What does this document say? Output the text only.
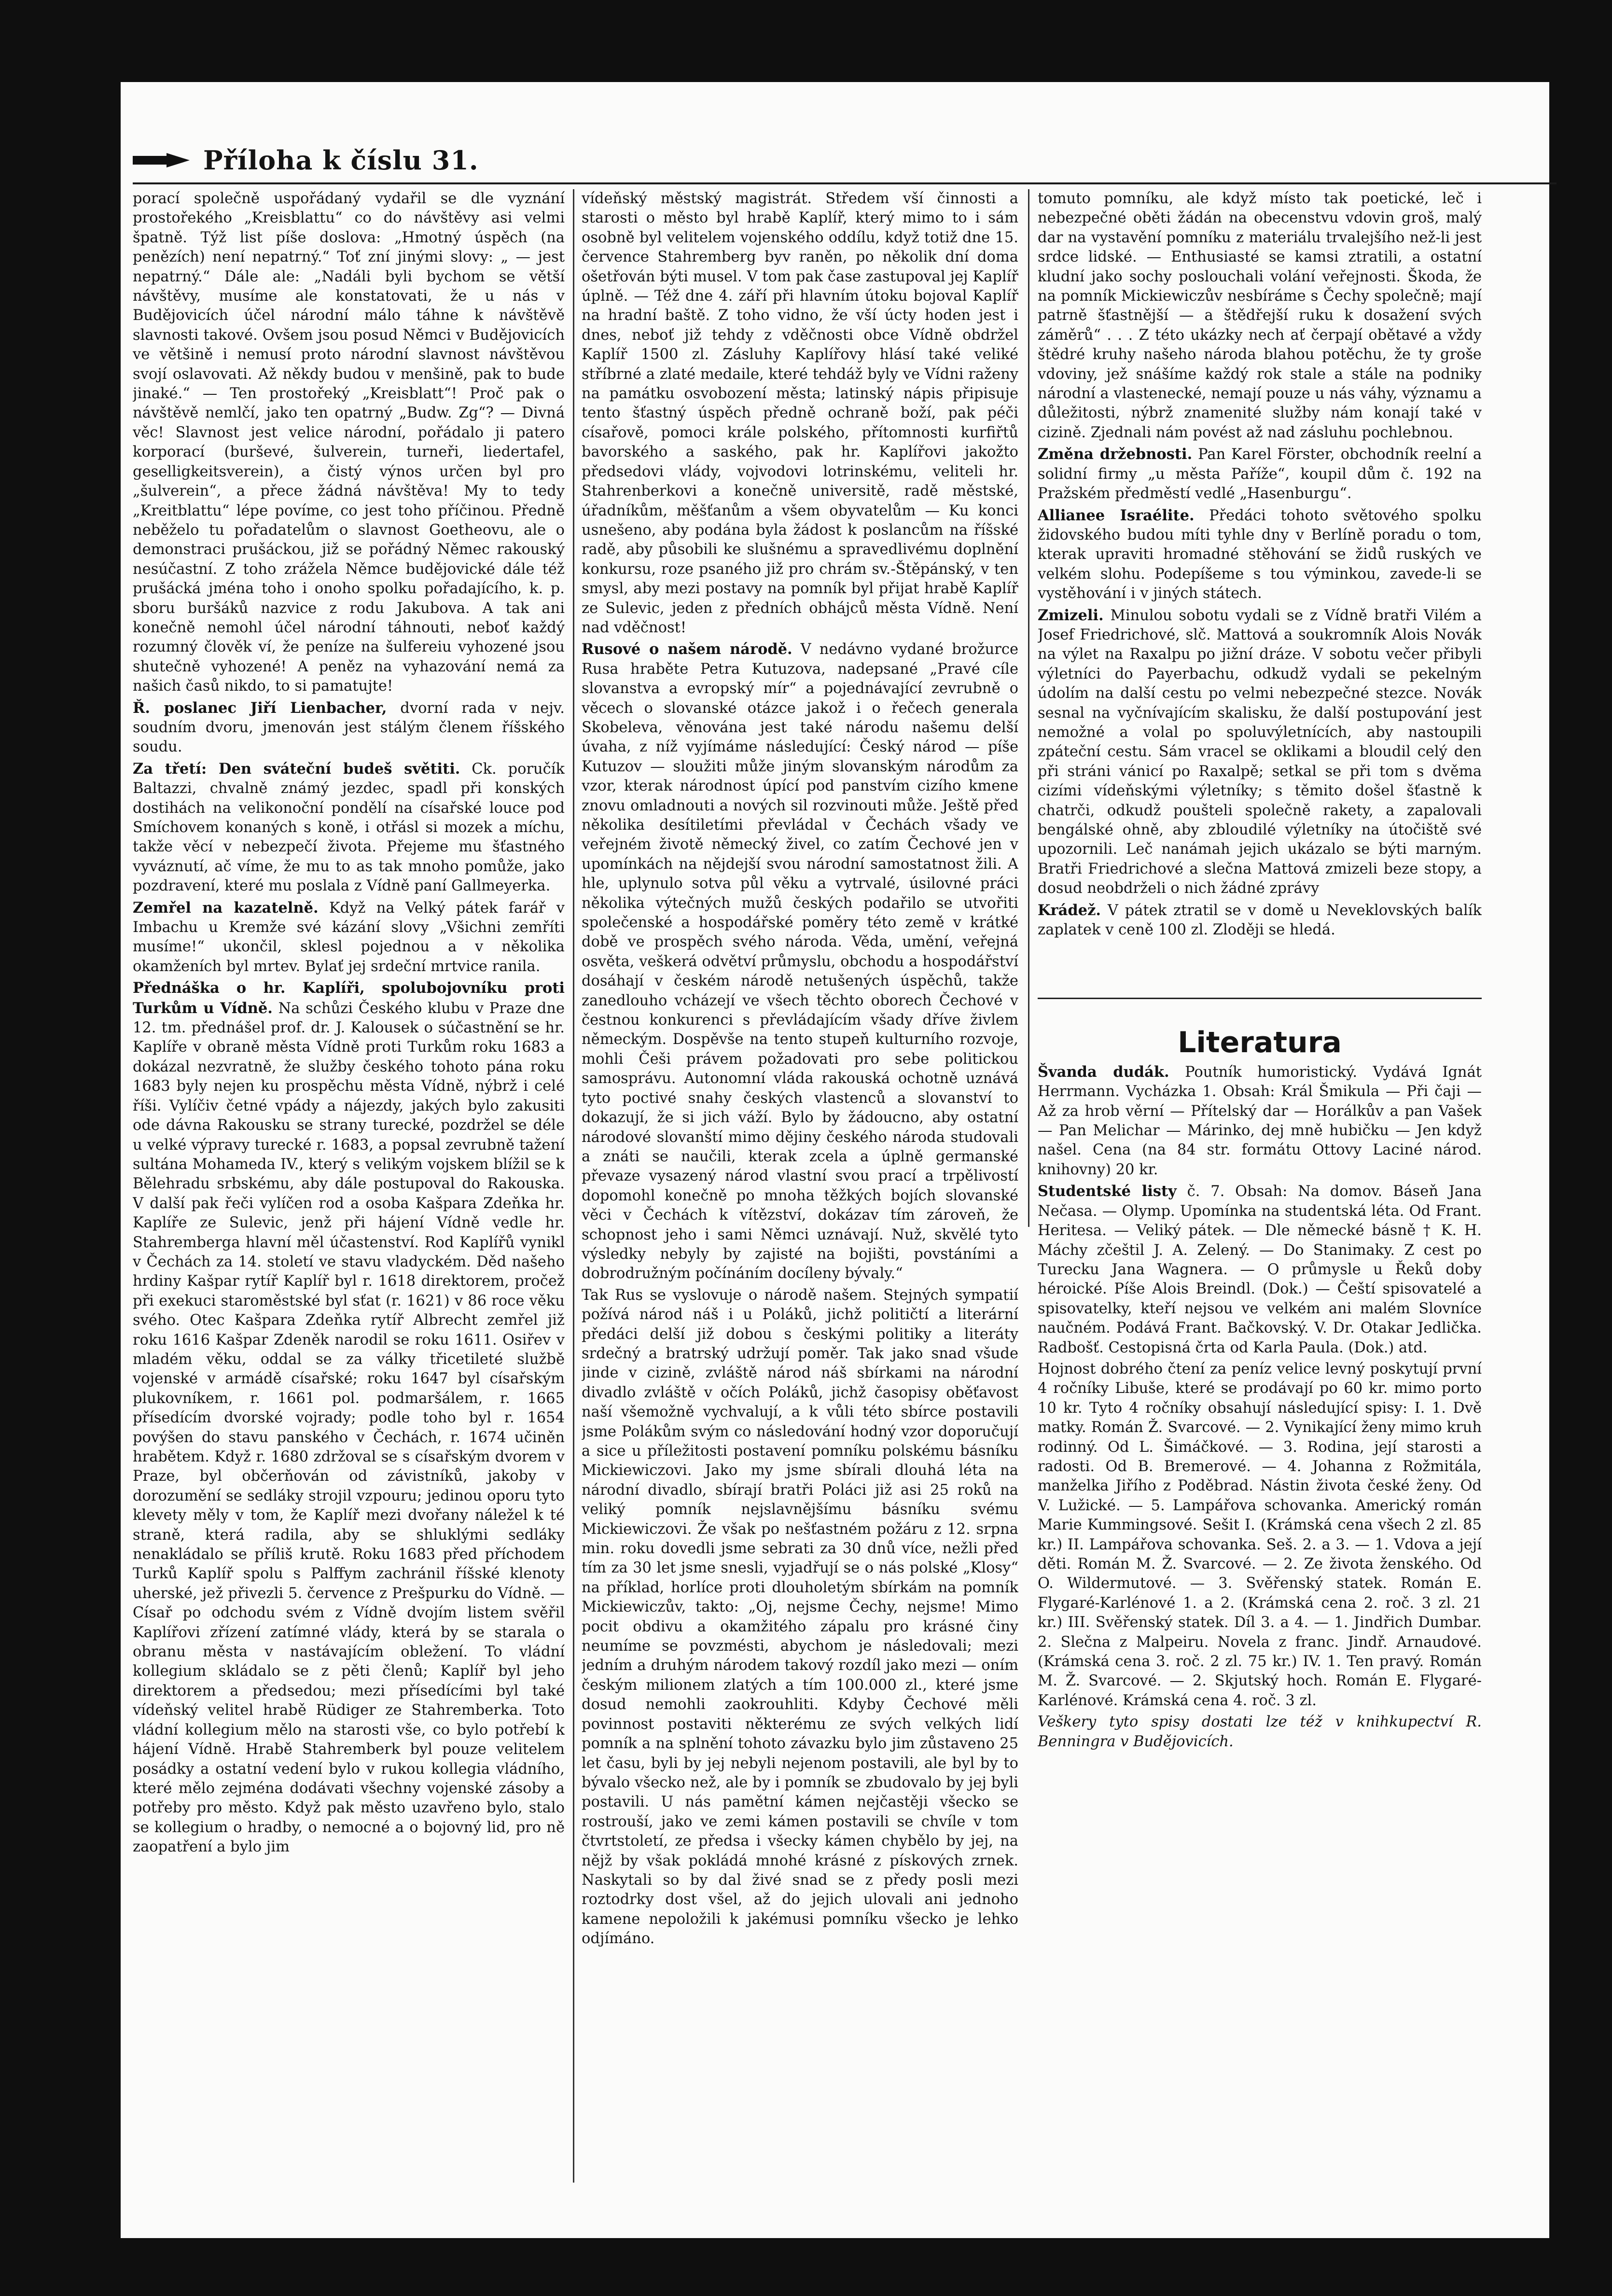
Příloha k číslu 31.

porací společně uspořádaný vydařil se dle vyznání prostořekého „Kreisblattu“ co do návštěvy asi velmi špatně. Týž list píše doslova: „Hmotný úspěch (na penězích) není nepatrný.“ Toť zní jinými slovy: „ — jest nepatrný.“ Dále ale: „Nadáli byli bychom se větší návštěvy, musíme ale konstatovati, že u nás v Budějovicích účel národní málo táhne k návštěvě slavnosti takové. Ovšem jsou posud Němci v Budějovicích ve většině i nemusí proto národní slavnost návštěvou svojí oslavovati. Až někdy budou v menšině, pak to bude jinaké.“ — Ten prostořeký „Kreisblatt“! Proč pak o návštěvě nemlčí, jako ten opatrný „Budw. Zg“? — Divná věc! Slavnost jest velice národní, pořádalo ji patero korporací (burševé, šulverein, turneři, liedertafel, geselligkeitsverein), a čistý výnos určen byl pro „šulverein“, a přece žádná návštěva! My to tedy „Kreitblattu“ lépe povíme, co jest toho příčinou. Předně neběželo tu pořadatelům o slavnost Goetheovu, ale o demonstraci prušáckou, již se pořádný Němec rakouský nesúčastní. Z toho zrážela Němce budějovické dále též prušácká jména toho i onoho spolku pořadajícího, k. p. sboru buršáků nazvice z rodu Jakubova. A tak ani konečně nemohl účel národní táhnouti, neboť každý rozumný člověk ví, že peníze na šulfereiu vyhozené jsou shutečně vyhozené! A peněz na vyhazování nemá za našich časů nikdo, to si pamatujte!

Ř. poslanec Jiří Lienbacher, dvorní rada v nejv. soudním dvoru, jmenován jest stálým členem říšského soudu.

Za třetí: Den sváteční budeš světiti. Ck. poručík Baltazzi, chvalně známý jezdec, spadl při konských dostihách na velikonoční pondělí na císařské louce pod Smíchovem konaných s koně, i otřásl si mozek a míchu, takže věcí v nebezpečí života. Přejeme mu šťastného vyváznutí, ač víme, že mu to as tak mnoho pomůže, jako pozdravení, které mu poslala z Vídně paní Gallmeyerka.

Zemřel na kazatelně. Když na Velký pátek farář v Imbachu u Kremže své kázání slovy „Všichni zemříti musíme!“ ukončil, sklesl pojednou a v několika okamženích byl mrtev. Bylať jej srdeční mrtvice ranila.

Přednáška o hr. Kaplíři, spolubojovníku proti Turkům u Vídně. Na schůzi Českého klubu v Praze dne 12. tm. přednášel prof. dr. J. Kalousek o súčastnění se hr. Kaplíře v obraně města Vídně proti Turkům roku 1683 a dokázal nezvratně, že služby českého tohoto pána roku 1683 byly nejen ku prospěchu města Vídně, nýbrž i celé říši. Vylíčiv četné vpády a nájezdy, jakých bylo zakusiti ode dávna Rakousku se strany turecké, pozdržel se déle u velké výpravy turecké r. 1683, a popsal zevrubně tažení sultána Mohameda IV., který s velikým vojskem blížil se k Bělehradu srbskému, aby dále postupoval do Rakouska. V další pak řeči vylíčen rod a osoba Kašpara Zdeňka hr. Kaplíře ze Sulevic, jenž při hájení Vídně vedle hr. Stahremberga hlavní měl účastenství. Rod Kaplířů vynikl v Čechách za 14. století ve stavu vladyckém. Děd našeho hrdiny Kašpar rytíř Kaplíř byl r. 1618 direktorem, pročež při exekuci staroměstské byl sťat (r. 1621) v 86 roce věku svého. Otec Kašpara Zdeňka rytíř Albrecht zemřel již roku 1616 Kašpar Zdeněk narodil se roku 1611. Osiřev v mladém věku, oddal se za války třicetileté službě vojenské v armádě císařské; roku 1647 byl císařským plukovníkem, r. 1661 pol. podmaršálem, r. 1665 přísedícím dvorské vojrady; podle toho byl r. 1654 povýšen do stavu panského v Čechách, r. 1674 učiněn hrabětem. Když r. 1680 zdržoval se s císařským dvorem v Praze, byl občerňován od závistníků, jakoby v dorozumění se sedláky strojil vzpouru; jedinou oporu tyto klevety měly v tom, že Kaplíř mezi dvořany náležel k té straně, která radila, aby se shluklými sedláky nenakládalo se příliš krutě. Roku 1683 před příchodem Turků Kaplíř spolu s Palffym zachránil říšské klenoty uherské, jež přivezli 5. července z Prešpurku do Vídně. — Císař po odchodu svém z Vídně dvojím listem svěřil Kaplířovi zřízení zatímné vlády, která by se starala o obranu města v nastávajícím obležení. To vládní kollegium skládalo se z pěti členů; Kaplíř byl jeho direktorem a předsedou; mezi přísedícími byl také vídeňský velitel hrabě Rüdiger ze Stahremberka. Toto vládní kollegium mělo na starosti vše, co bylo potřebí k hájení Vídně. Hrabě Stahremberk byl pouze velitelem posádky a ostatní vedení bylo v rukou kollegia vládního, které mělo zejména dodávati všechny vojenské zásoby a potřeby pro město. Když pak město uzavřeno bylo, stalo se kollegium o hradby, o nemocné a o bojovný lid, pro ně zaopatření a bylo jim

vídeňský městský magistrát. Středem vší činnosti a starosti o město byl hrabě Kaplíř, který mimo to i sám osobně byl velitelem vojenského oddílu, když totiž dne 15. července Stahremberg byv raněn, po několik dní doma ošetřován býti musel. V tom pak čase zastupoval jej Kaplíř úplně. — Též dne 4. září při hlavním útoku bojoval Kaplíř na hradní baště. Z toho vidno, že vší úcty hoden jest i dnes, neboť již tehdy z vděčnosti obce Vídně obdržel Kaplíř 1500 zl. Zásluhy Kaplířovy hlásí také veliké stříbrné a zlaté medaile, které tehdáž byly ve Vídni raženy na památku osvobození města; latinský nápis připisuje tento šťastný úspěch předně ochraně boží, pak péči císařově, pomoci krále polského, přítomnosti kurfiřtů bavorského a saského, pak hr. Kaplířovi jakožto předsedovi vlády, vojvodovi lotrinskému, veliteli hr. Stahrenberkovi a konečně universitě, radě městské, úřadníkům, měšťanům a všem obyvatelům — Ku konci usnešeno, aby podána byla žádost k poslancům na říšské radě, aby působili ke slušnému a spravedlivému doplnění konkursu, roze psaného již pro chrám sv.-Štěpánský, v ten smysl, aby mezi postavy na pomník byl přijat hrabě Kaplíř ze Sulevic, jeden z předních obhájců města Vídně. Není nad vděčnost!

Rusové o našem národě. V nedávno vydané brožurce Rusa hraběte Petra Kutuzova, nadepsané „Pravé cíle slovanstva a evropský mír“ a pojednávající zevrubně o věcech o slovanské otázce jakož i o řečech generala Skobeleva, věnována jest také národu našemu delší úvaha, z níž vyjímáme následující: Český národ — píše Kutuzov — sloužiti může jiným slovanským národům za vzor, kterak národnost úpící pod panstvím cizího kmene znovu omladnouti a nových sil rozvinouti může. Ještě před několika desítiletími převládal v Čechách všady ve veřejném životě německý živel, co zatím Čechové jen v upomínkách na nějdejší svou národní samostatnost žili. A hle, uplynulo sotva půl věku a vytrvalé, úsilovné práci několika výtečných mužů českých podařilo se utvořiti společenské a hospodářské poměry této země v krátké době ve prospěch svého národa. Věda, umění, veřejná osvěta, veškerá odvětví průmyslu, obchodu a hospodářství dosáhají v českém národě netušených úspěchů, takže zanedlouho vcházejí ve všech těchto oborech Čechové v čestnou konkurenci s převládajícím všady dříve živlem německým. Dospěvše na tento stupeň kulturního rozvoje, mohli Češi právem požadovati pro sebe politickou samosprávu. Autonomní vláda rakouská ochotně uznává tyto poctivé snahy českých vlastenců a slovanství to dokazují, že si jich váží. Bylo by žádoucno, aby ostatní národové slovanští mimo dějiny českého národa studovali a znáti se naučili, kterak zcela a úplně germanské převaze vysazený národ vlastní svou prací a trpělivostí dopomohl konečně po mnoha těžkých bojích slovanské věci v Čechách k vítězství, dokázav tím zároveň, že schopnost jeho i sami Němci uznávají. Nuž, skvělé tyto výsledky nebyly by zajisté na bojišti, povstáními a dobrodružným počínáním docíleny bývaly.“

Tak Rus se vyslovuje o národě našem. Stejných sympatií požívá národ náš i u Poláků, jichž političtí a literární předáci delší již dobou s českými politiky a literáty srdečný a bratrský udržují poměr. Tak jako snad všude jinde v cizině, zvláště národ náš sbírkami na národní divadlo zvláště v očích Poláků, jichž časopisy oběťavost naší všemožně vychvalují, a k vůli této sbírce postavili jsme Polákům svým co následování hodný vzor doporučují a sice u příležitosti postavení pomníku polskému básníku Mickiewiczovi. Jako my jsme sbírali dlouhá léta na národní divadlo, sbírají bratři Poláci již asi 25 roků na veliký pomník nejslavnějšímu básníku svému Mickiewiczovi. Že však po nešťastném požáru z 12. srpna min. roku dovedli jsme sebrati za 30 dnů více, nežli před tím za 30 let jsme snesli, vyjadřují se o nás polské „Klosy“ na příklad, horlíce proti dlouholetým sbírkám na pomník Mickiewiczův, takto: „Oj, nejsme Čechy, nejsme! Mimo pocit obdivu a okamžitého zápalu pro krásné činy neumíme se povzmésti, abychom je následovali; mezi jedním a druhým národem takový rozdíl jako mezi — oním českým milionem zlatých a tím 100.000 zl., které jsme dosud nemohli zaokrouhliti. Kdyby Čechové měli povinnost postaviti některému ze svých velkých lidí pomník a na splnění tohoto závazku bylo jim zůstaveno 25 let času, byli by jej nebyli nejenom postavili, ale byl by to bývalo všecko než, ale by i pomník se zbudovalo by jej byli postavili. U nás pamětní kámen nejčastěji všecko se rostrouší, jako ve zemi kámen postavili se chvíle v tom čtvrtstoletí, ze předsa i všecky kámen chybělo by jej, na nějž by však pokládá mnohé krásné z pískových zrnek. Naskytali so by dal živé snad se z předy posli mezi roztodrky dost všel, až do jejich ulovali ani jednoho kamene nepoložili k jakémusi pomníku všecko je lehko odjímáno.

tomuto pomníku, ale když místo tak poetické, leč i nebezpečné oběti žádán na obecenstvu vdovin groš, malý dar na vystavění pomníku z materiálu trvalejšího než-li jest srdce lidské. — Enthusiasté se kamsi ztratili, a ostatní kludní jako sochy poslouchali volání veřejnosti. Škoda, že na pomník Mickiewiczův nesbíráme s Čechy společně; mají patrně šťastnější — a štědřejší ruku k dosažení svých záměrů“ . . . Z této ukázky nech ať čerpají obětavé a vždy štědré kruhy našeho národa blahou potěchu, že ty groše vdoviny, jež snášíme každý rok stale a stále na podniky národní a vlastenecké, nemají pouze u nás váhy, významu a důležitosti, nýbrž znamenité služby nám konají také v cizině. Zjednali nám povést až nad zásluhu pochlebnou.

Změna držebnosti. Pan Karel Förster, obchodník reelní a solidní firmy „u města Paříže“, koupil dům č. 192 na Pražském předměstí vedlé „Hasenburgu“.

Allianee Israélite. Předáci tohoto světového spolku židovského budou míti tyhle dny v Berlíně poradu o tom, kterak upraviti hromadné stěhování se židů ruských ve velkém slohu. Podepíšeme s tou výminkou, zavede-li se vystěhování i v jiných státech.

Zmizeli. Minulou sobotu vydali se z Vídně bratři Vilém a Josef Friedrichové, slč. Mattová a soukromník Alois Novák na výlet na Raxalpu po jižní dráze. V sobotu večer přibyli výletníci do Payerbachu, odkudž vydali se pekelným údolím na další cestu po velmi nebezpečné stezce. Novák sesnal na vyčnívajícím skalisku, že další postupování jest nemožné a volal po spoluvýletnících, aby nastoupili zpáteční cestu. Sám vracel se oklikami a bloudil celý den při stráni vánicí po Raxalpě; setkal se při tom s dvěma cizími vídeňskými výletníky; s těmito došel šťastně k chatrči, odkudž poušteli společně rakety, a zapalovali bengálské ohně, aby zbloudilé výletníky na útočiště své upozornili. Leč nanámah jejich ukázalo se býti marným. Bratři Friedrichové a slečna Mattová zmizeli beze stopy, a dosud neobdrželi o nich žádné zprávy

Krádež. V pátek ztratil se v domě u Neveklovských balík zaplatek v ceně 100 zl. Zloději se hledá.

Literatura

Švanda dudák. Poutník humoristický. Vydává Ignát Herrmann. Vycházka 1. Obsah: Král Šmikula — Při čaji — Až za hrob věrní — Přítelský dar — Horálkův a pan Vašek — Pan Melichar — Márinko, dej mně hubičku — Jen když našel. Cena (na 84 str. formátu Ottovy Laciné národ. knihovny) 20 kr.

Studentské listy č. 7. Obsah: Na domov. Báseň Jana Nečasa. — Olymp. Upomínka na studentská léta. Od Frant. Heritesa. — Veliký pátek. — Dle německé básně † K. H. Máchy zčeštil J. A. Zelený. — Do Stanimaky. Z cest po Turecku Jana Wagnera. — O průmysle u Řeků doby héroické. Píše Alois Breindl. (Dok.) — Čeští spisovatelé a spisovatelky, kteří nejsou ve velkém ani malém Slovníce naučném. Podává Frant. Bačkovský. V. Dr. Otakar Jedlička. Radbošť. Cestopisná črta od Karla Paula. (Dok.) atd.

Hojnost dobrého čtení za peníz velice levný poskytují první 4 ročníky Libuše, které se prodávají po 60 kr. mimo porto 10 kr. Tyto 4 ročníky obsahují následující spisy: I. 1. Dvě matky. Román Ž. Svarcové. — 2. Vynikající ženy mimo kruh rodinný. Od L. Šimáčkové. — 3. Rodina, její starosti a radosti. Od B. Bremerové. — 4. Johanna z Rožmitála, manželka Jiřího z Poděbrad. Nástin života české ženy. Od V. Lužické. — 5. Lampářova schovanka. Americký román Marie Kummingsové. Sešit I. (Krámská cena všech 2 zl. 85 kr.) II. Lampářova schovanka. Seš. 2. a 3. — 1. Vdova a její děti. Román M. Ž. Svarcové. — 2. Ze života ženského. Od O. Wildermutové. — 3. Svěřenský statek. Román E. Flygaré-Karlénové 1. a 2. (Krámská cena 2. roč. 3 zl. 21 kr.) III. Svěřenský statek. Díl 3. a 4. — 1. Jindřich Dumbar. 2. Slečna z Malpeiru. Novela z franc. Jindř. Arnaudové. (Krámská cena 3. roč. 2 zl. 75 kr.) IV. 1. Ten pravý. Román M. Ž. Svarcové. — 2. Skjutský hoch. Román E. Flygaré-Karlénové. Krámská cena 4. roč. 3 zl.

Veškery tyto spisy dostati lze též v knihkupectví R. Benningra v Budějovicích.
